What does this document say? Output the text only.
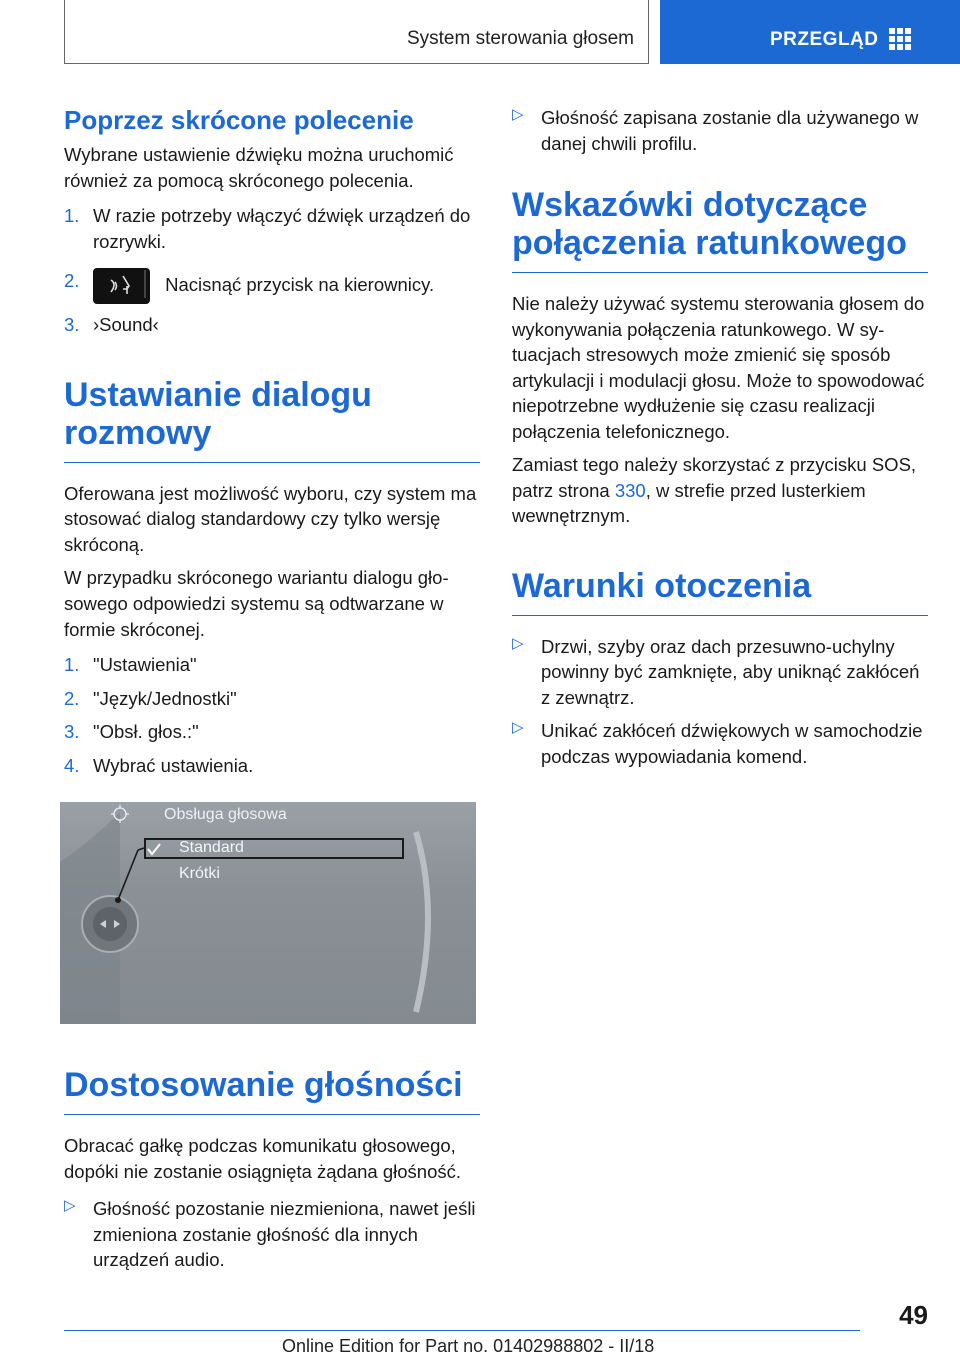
System sterowania głosem	PRZEGLĄD
Poprzez skrócone polecenie

Wybrane ustawienie dźwięku można uruchomić również za pomocą skróconego polecenia.

1. W razie potrzeby włączyć dźwięk urządzeń do rozrywki.
2.	Nacisnąć przycisk na kierownicy.
3. ›Sound‹
Ustawianie dialogu rozmowy

Oferowana jest możliwość wyboru, czy system ma stosować dialog standardowy czy tylko wersję skróconą.

W przypadku skróconego wariantu dialogu głosowego odpowiedzi systemu są odtwarzane w formie skróconej.

1. "Ustawienia"
2. "Język/Jednostki"
3. "Obsł. głos.:"
4. Wybrać ustawienia.
Obsługa głosowa
Standard
Krótki
Dostosowanie głośności

Obracać gałkę podczas komunikatu głosowego, dopóki nie zostanie osiągnięta żądana głośność.

▷ Głośność pozostanie niezmieniona, nawet jeśli zmieniona zostanie głośność dla innych urządzeń audio.
▷ Głośność zapisana zostanie dla używanego w danej chwili profilu.
Wskazówki dotyczące połączenia ratunkowego

Nie należy używać systemu sterowania głosem do wykonywania połączenia ratunkowego. W sytuacjach stresowych może zmienić się sposób artykulacji i modulacji głosu. Może to spowodować niepotrzebne wydłużenie się czasu realizacji połączenia telefonicznego.

Zamiast tego należy skorzystać z przycisku SOS, patrz strona 330, w strefie przed lusterkiem wewnętrznym.

Warunki otoczenia
▷ Drzwi, szyby oraz dach przesuwno-uchylny powinny być zamknięte, aby uniknąć zakłóceń z zewnątrz.
▷ Unikać zakłóceń dźwiękowych w samochodzie podczas wypowiadania komend.
49
Online Edition for Part no. 01402988802 - II/18
